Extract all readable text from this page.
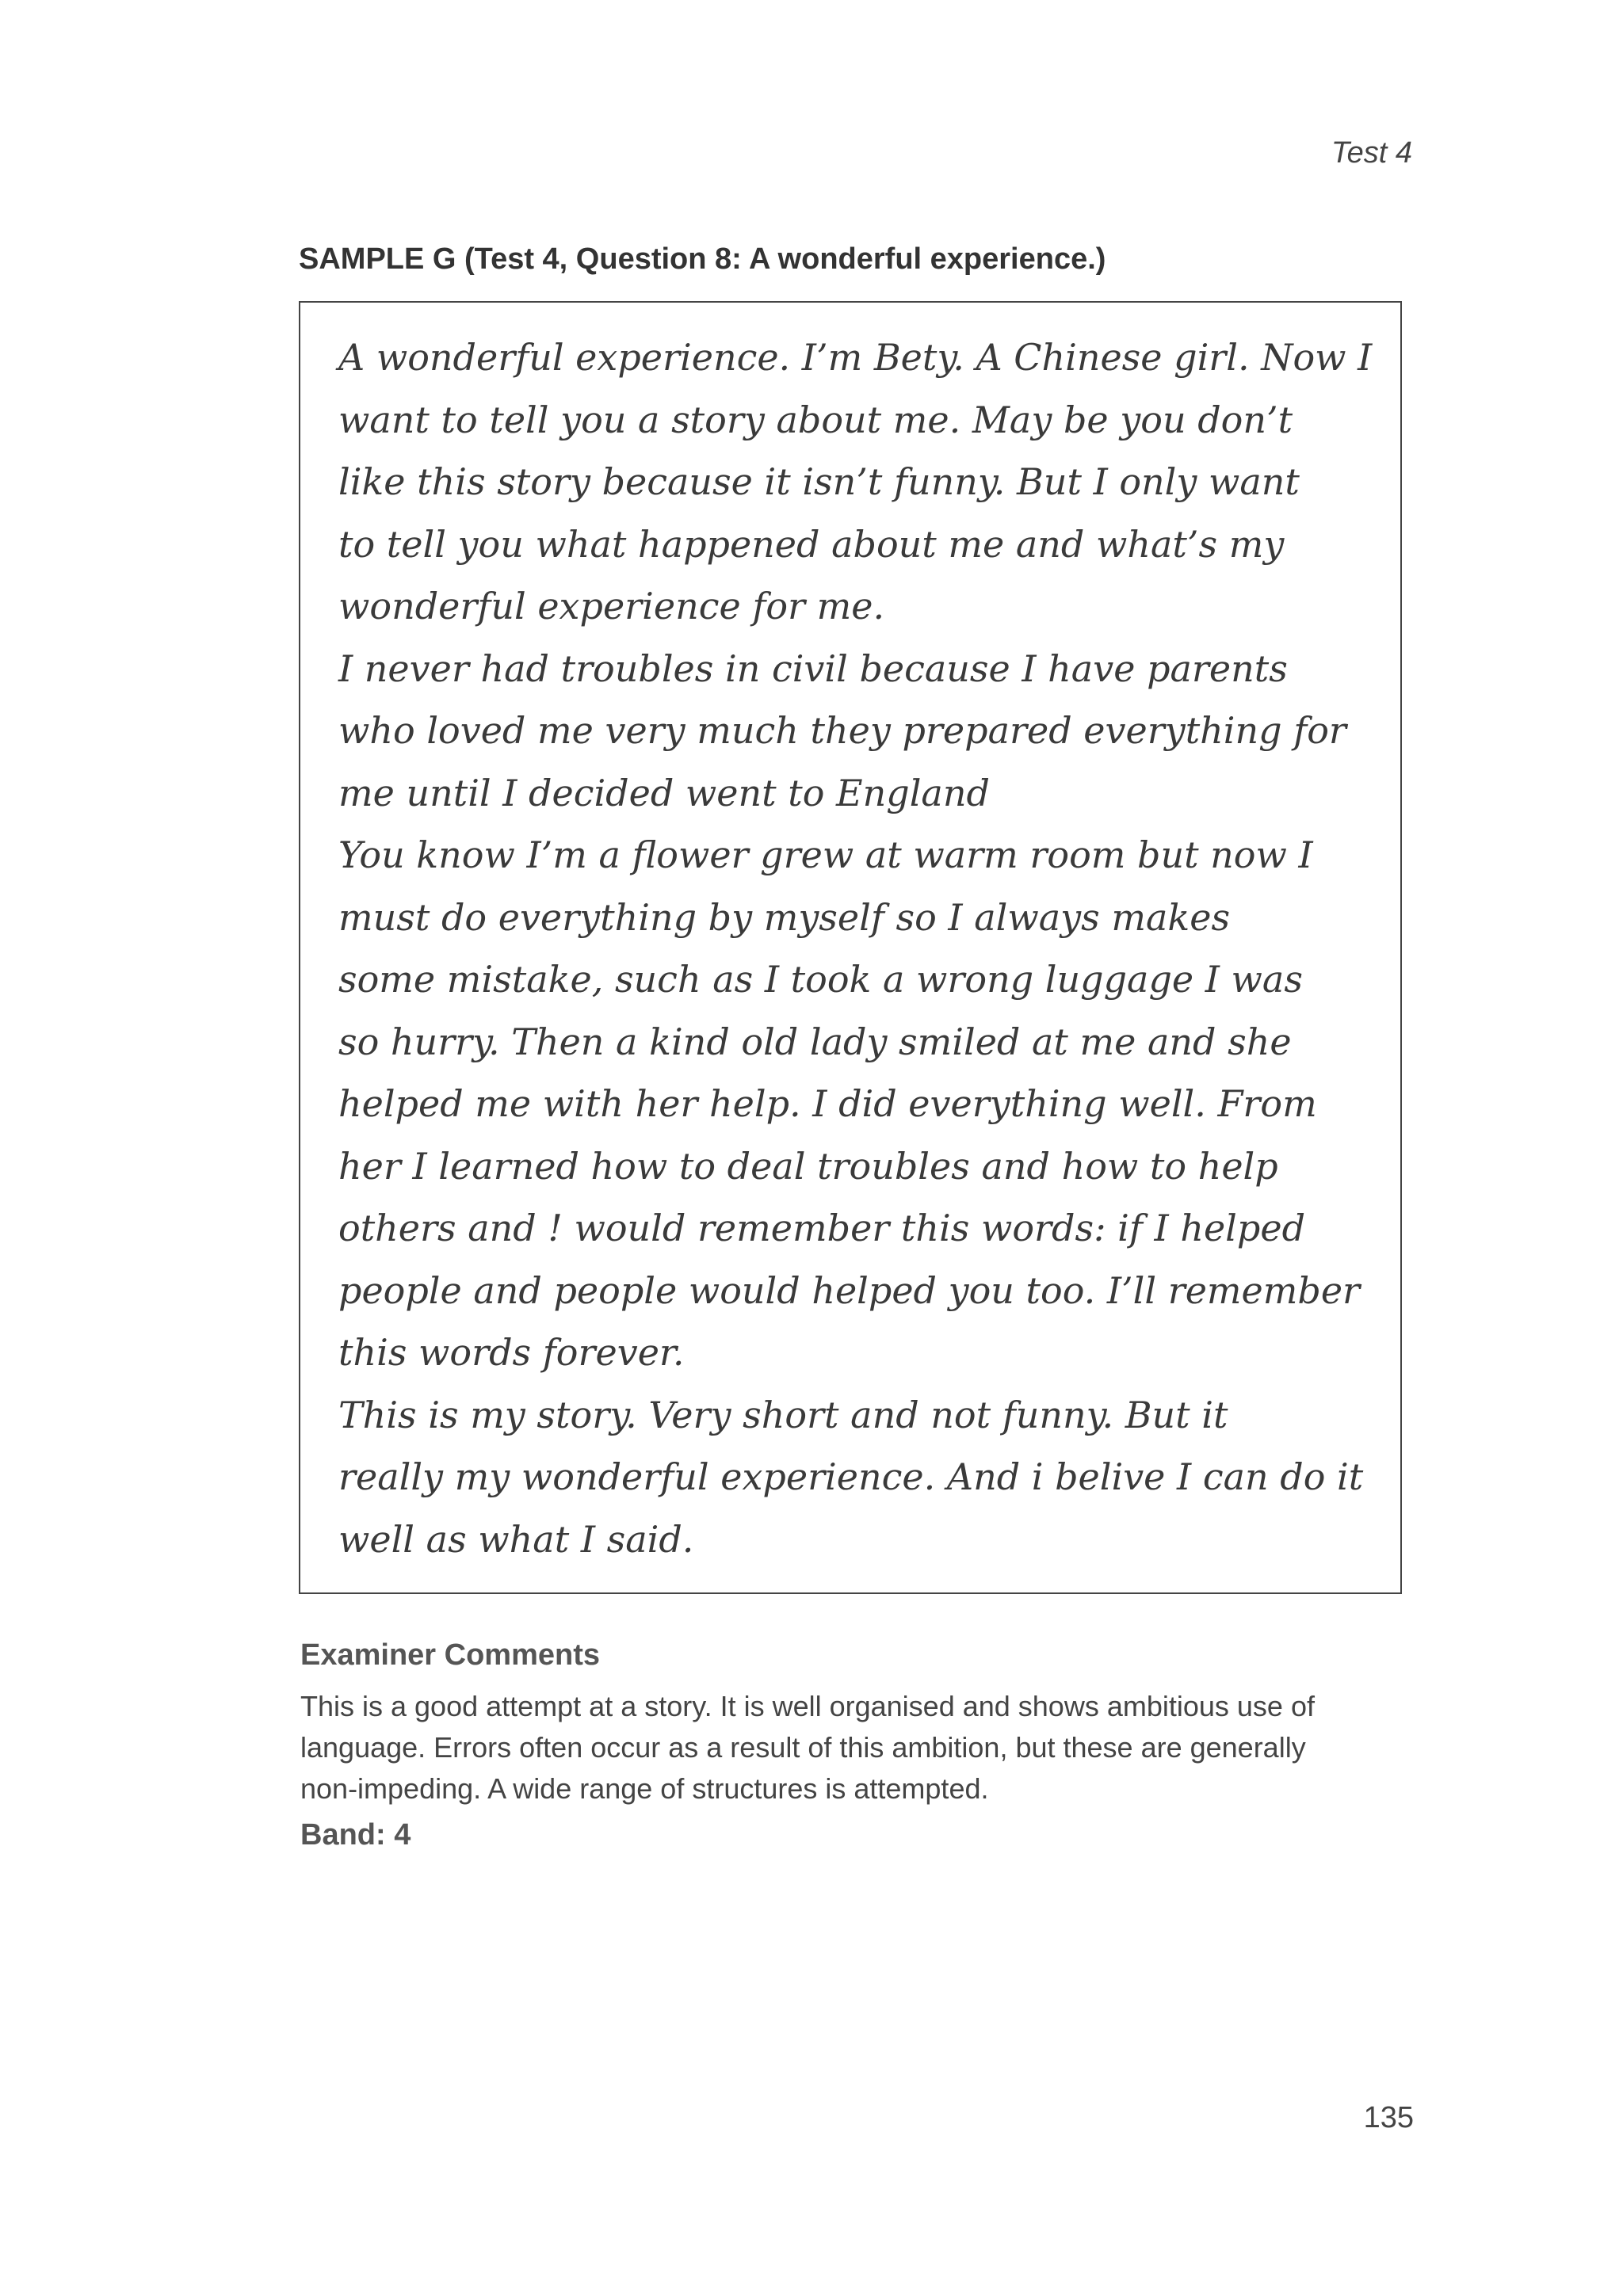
Test 4

SAMPLE G (Test 4, Question 8: A wonderful experience.)

A wonderful experience. I’m Bety. A Chinese girl. Now I
want to tell you a story about me. May be you don’t
like this story because it isn’t funny. But I only want
to tell you what happened about me and what’s my
wonderful experience for me.
I never had troubles in civil because I have parents
who loved me very much they prepared everything for
me until I decided went to England
You know I’m a flower grew at warm room but now I
must do everything by myself so I always makes
some mistake, such as I took a wrong luggage I was
so hurry. Then a kind old lady smiled at me and she
helped me with her help. I did everything well. From
her I learned how to deal troubles and how to help
others and ! would remember this words: if I helped
people and people would helped you too. I’ll remember
this words forever.
This is my story. Very short and not funny. But it
really my wonderful experience. And i belive I can do it
well as what I said.

Examiner Comments

This is a good attempt at a story. It is well organised and shows ambitious use of
language. Errors often occur as a result of this ambition, but these are generally
non-impeding. A wide range of structures is attempted.

Band: 4

135
